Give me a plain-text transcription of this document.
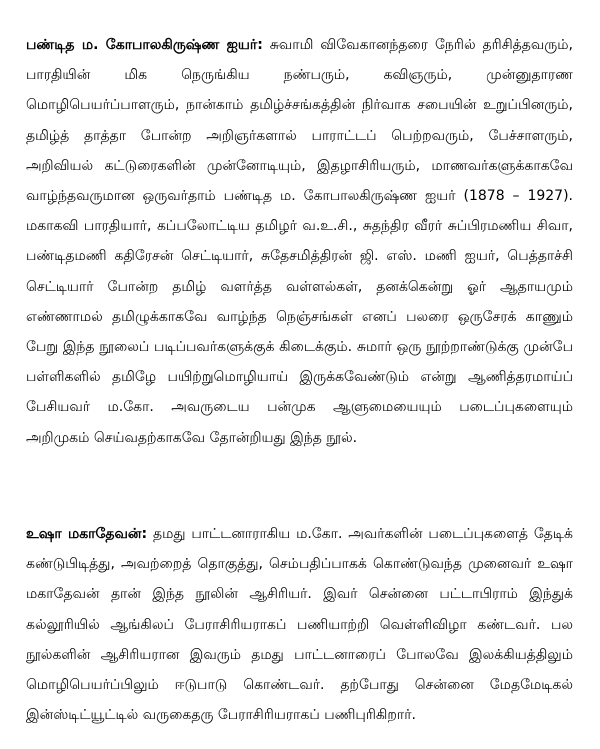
பண்டித ம. கோபாலகிருஷ்ண ஐயர்: சுவாமி விவேகானந்தரை நேரில் தரிசித்தவரும், பாரதியின் மிக நெருங்கிய நண்பரும், கவிஞரும், முன்னுதாரண மொழிபெயர்ப்பாளரும், நான்காம் தமிழ்ச்சங்கத்தின் நிர்வாக சபையின் உறுப்பினரும், தமிழ்த் தாத்தா போன்ற அறிஞர்களால் பாராட்டப் பெற்றவரும், பேச்சாளரும், அறிவியல் கட்டுரைகளின் முன்னோடியும், இதழாசிரியரும், மாணவர்களுக்காகவே வாழ்ந்தவருமான ஒருவர்தாம் பண்டித ம. கோபாலகிருஷ்ண ஐயர் (1878 – 1927). மகாகவி பாரதியார், கப்பலோட்டிய தமிழர் வ.உ.சி., சுதந்திர வீரர் சுப்பிரமணிய சிவா, பண்டிதமணி கதிரேசன் செட்டியார், சுதேசமித்திரன் ஜி. எஸ். மணி ஐயர், பெத்தாச்சி செட்டியார் போன்ற தமிழ் வளர்த்த வள்ளல்கள், தனக்கென்று ஓர் ஆதாயமும் எண்ணாமல் தமிழுக்காகவே வாழ்ந்த நெஞ்சங்கள் எனப் பலரை ஒருசேரக் காணும் பேறு இந்த நூலைப் படிப்பவர்களுக்குக் கிடைக்கும். சுமார் ஒரு நூற்றாண்டுக்கு முன்பே பள்ளிகளில் தமிழே பயிற்றுமொழியாய் இருக்கவேண்டும் என்று ஆணித்தரமாய்ப் பேசியவர் ம.கோ. அவருடைய பன்முக ஆளுமையையும் படைப்புகளையும் அறிமுகம் செய்வதற்காகவே தோன்றியது இந்த நூல்.

உஷா மகாதேவன்: தமது பாட்டனாராகிய ம.கோ. அவர்களின் படைப்புகளைத் தேடிக் கண்டுபிடித்து, அவற்றைத் தொகுத்து, செம்பதிப்பாகக் கொண்டுவந்த முனைவர் உஷா மகாதேவன் தான் இந்த நூலின் ஆசிரியர். இவர் சென்னை பட்டாபிராம் இந்துக் கல்லூரியில் ஆங்கிலப் பேராசிரியராகப் பணியாற்றி வெள்ளிவிழா கண்டவர். பல நூல்களின் ஆசிரியரான இவரும் தமது பாட்டனாரைப் போலவே இலக்கியத்திலும் மொழிபெயர்ப்பிலும் ஈடுபாடு கொண்டவர். தற்போது சென்னை மேதமேடிகல் இன்ஸ்டிட்யூட்டில் வருகைதரு பேராசிரியராகப் பணிபுரிகிறார்.
